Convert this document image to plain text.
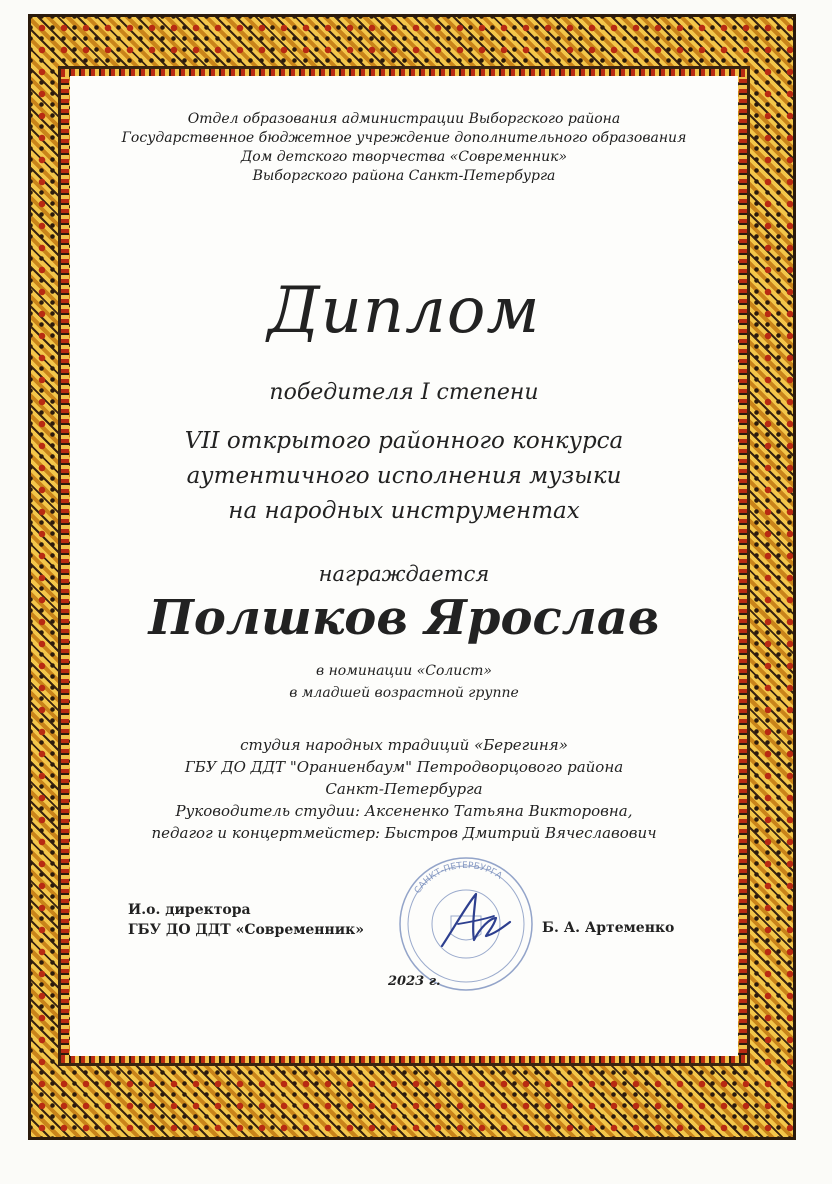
Отдел образования администрации Выборгского района
Государственное бюджетное учреждение дополнительного образования
Дом детского творчества «Современник»
Выборгского района Санкт-Петербурга
Диплом
победителя I степени
VII открытого районного конкурса
аутентичного исполнения музыки
на народных инструментах
награждается
Полшков Ярослав
в номинации «Солист»
в младшей возрастной группе
студия народных традиций «Берегиня»
ГБУ ДО ДДТ "Ораниенбаум" Петродворцового района
Санкт-Петербурга
Руководитель студии: Аксененко Татьяна Викторовна,
педагог и концертмейстер: Быстров Дмитрий Вячеславович
И.о. директора
ГБУ ДО ДДТ «Современник»
САНКТ-ПЕТЕРБУРГА
Б. А. Артеменко
2023 г.
